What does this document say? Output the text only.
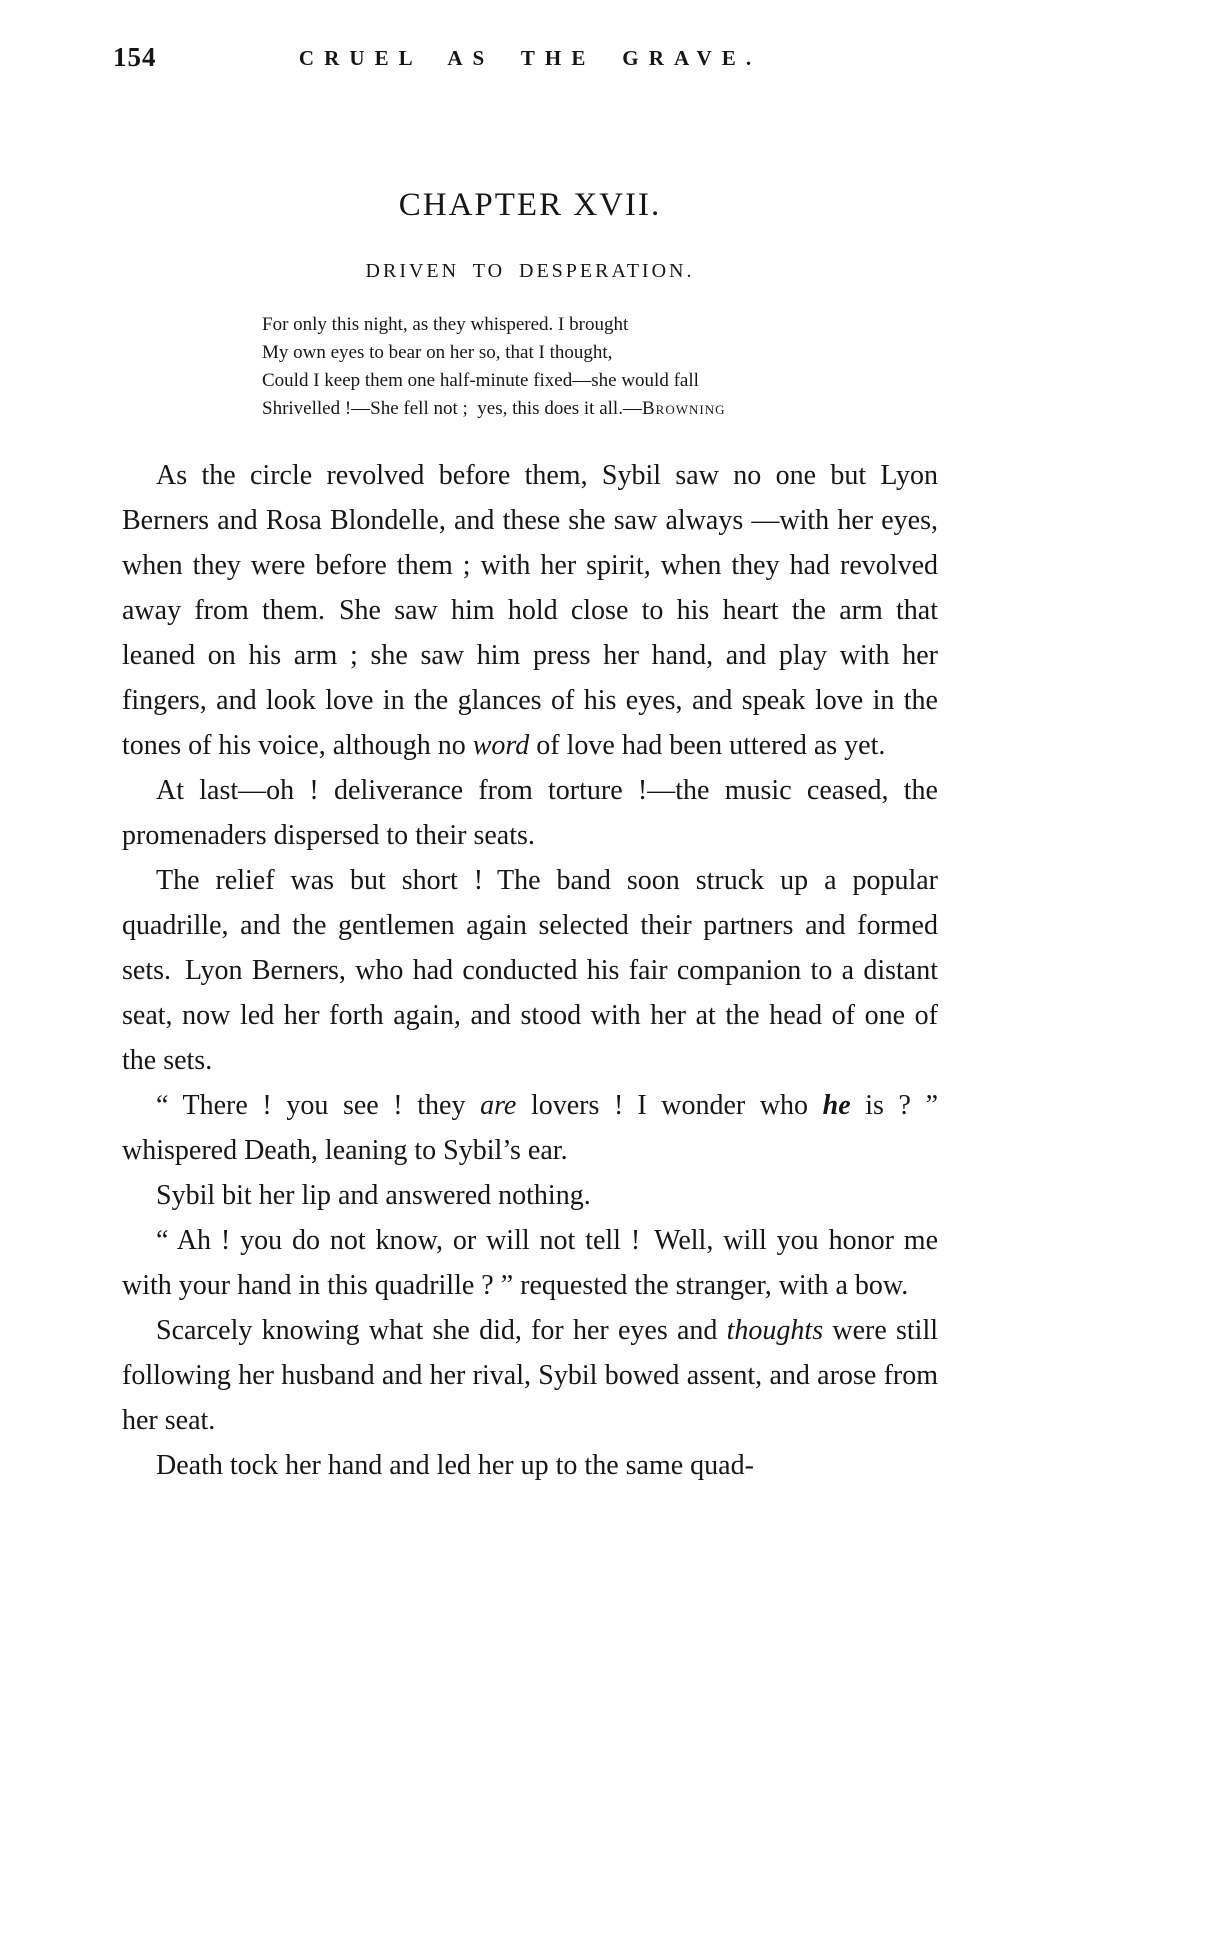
154	CRUEL AS THE GRAVE.
CHAPTER XVII.
DRIVEN TO DESPERATION.
For only this night, as they whispered. I brought
My own eyes to bear on her so, that I thought,
Could I keep them one half-minute fixed—she would fall
Shrivelled !—She fell not ; yes, this does it all.—Browning

As the circle revolved before them, Sybil saw no one but Lyon Berners and Rosa Blondelle, and these she saw always —with her eyes, when they were before them ; with her spirit, when they had revolved away from them. She saw him hold close to his heart the arm that leaned on his arm ; she saw him press her hand, and play with her fingers, and look love in the glances of his eyes, and speak love in the tones of his voice, although no word of love had been uttered as yet.

At last—oh ! deliverance from torture !—the music ceased, the promenaders dispersed to their seats.

The relief was but short ! The band soon struck up a popular quadrille, and the gentlemen again selected their partners and formed sets. Lyon Berners, who had conducted his fair companion to a distant seat, now led her forth again, and stood with her at the head of one of the sets.

“ There ! you see ! they are lovers ! I wonder who he is ? ” whispered Death, leaning to Sybil’s ear.

Sybil bit her lip and answered nothing.

“ Ah ! you do not know, or will not tell ! Well, will you honor me with your hand in this quadrille ? ” requested the stranger, with a bow.

Scarcely knowing what she did, for her eyes and thoughts were still following her husband and her rival, Sybil bowed assent, and arose from her seat.

Death tock her hand and led her up to the same quad-
